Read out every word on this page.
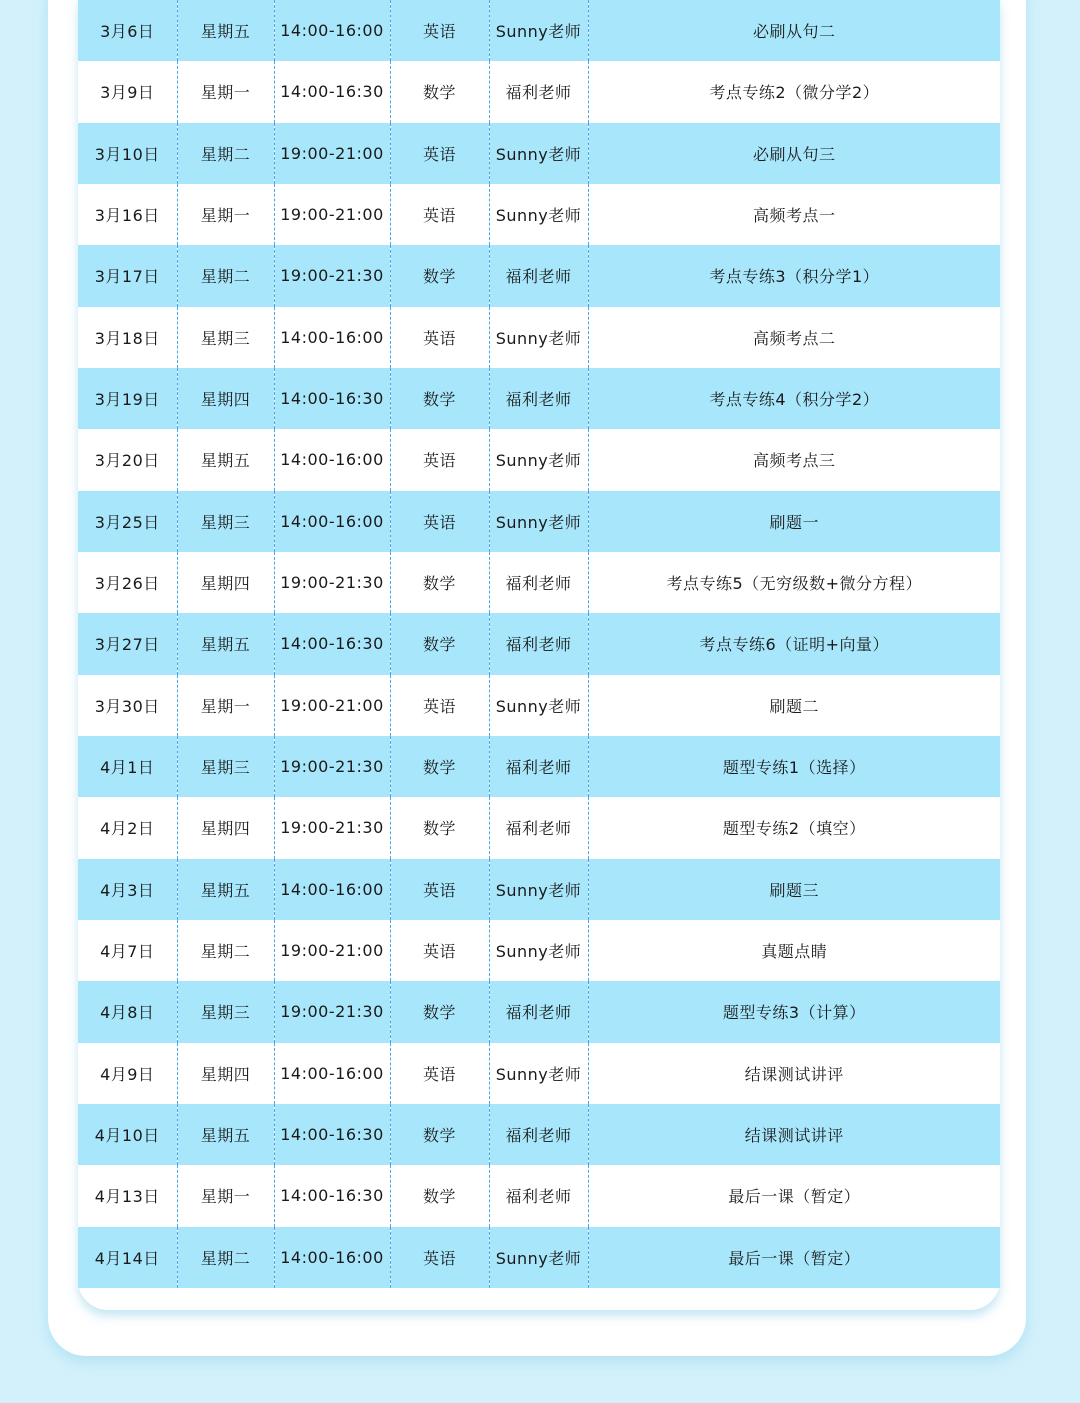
3月6日	星期五	14:00-16:00	英语	Sunny老师	必刷从句二
3月9日	星期一	14:00-16:30	数学	福利老师	考点专练2（微分学2）
3月10日	星期二	19:00-21:00	英语	Sunny老师	必刷从句三
3月16日	星期一	19:00-21:00	英语	Sunny老师	高频考点一
3月17日	星期二	19:00-21:30	数学	福利老师	考点专练3（积分学1）
3月18日	星期三	14:00-16:00	英语	Sunny老师	高频考点二
3月19日	星期四	14:00-16:30	数学	福利老师	考点专练4（积分学2）
3月20日	星期五	14:00-16:00	英语	Sunny老师	高频考点三
3月25日	星期三	14:00-16:00	英语	Sunny老师	刷题一
3月26日	星期四	19:00-21:30	数学	福利老师	考点专练5（无穷级数+微分方程）
3月27日	星期五	14:00-16:30	数学	福利老师	考点专练6（证明+向量）
3月30日	星期一	19:00-21:00	英语	Sunny老师	刷题二
4月1日	星期三	19:00-21:30	数学	福利老师	题型专练1（选择）
4月2日	星期四	19:00-21:30	数学	福利老师	题型专练2（填空）
4月3日	星期五	14:00-16:00	英语	Sunny老师	刷题三
4月7日	星期二	19:00-21:00	英语	Sunny老师	真题点睛
4月8日	星期三	19:00-21:30	数学	福利老师	题型专练3（计算）
4月9日	星期四	14:00-16:00	英语	Sunny老师	结课测试讲评
4月10日	星期五	14:00-16:30	数学	福利老师	结课测试讲评
4月13日	星期一	14:00-16:30	数学	福利老师	最后一课（暂定）
4月14日	星期二	14:00-16:00	英语	Sunny老师	最后一课（暂定）
